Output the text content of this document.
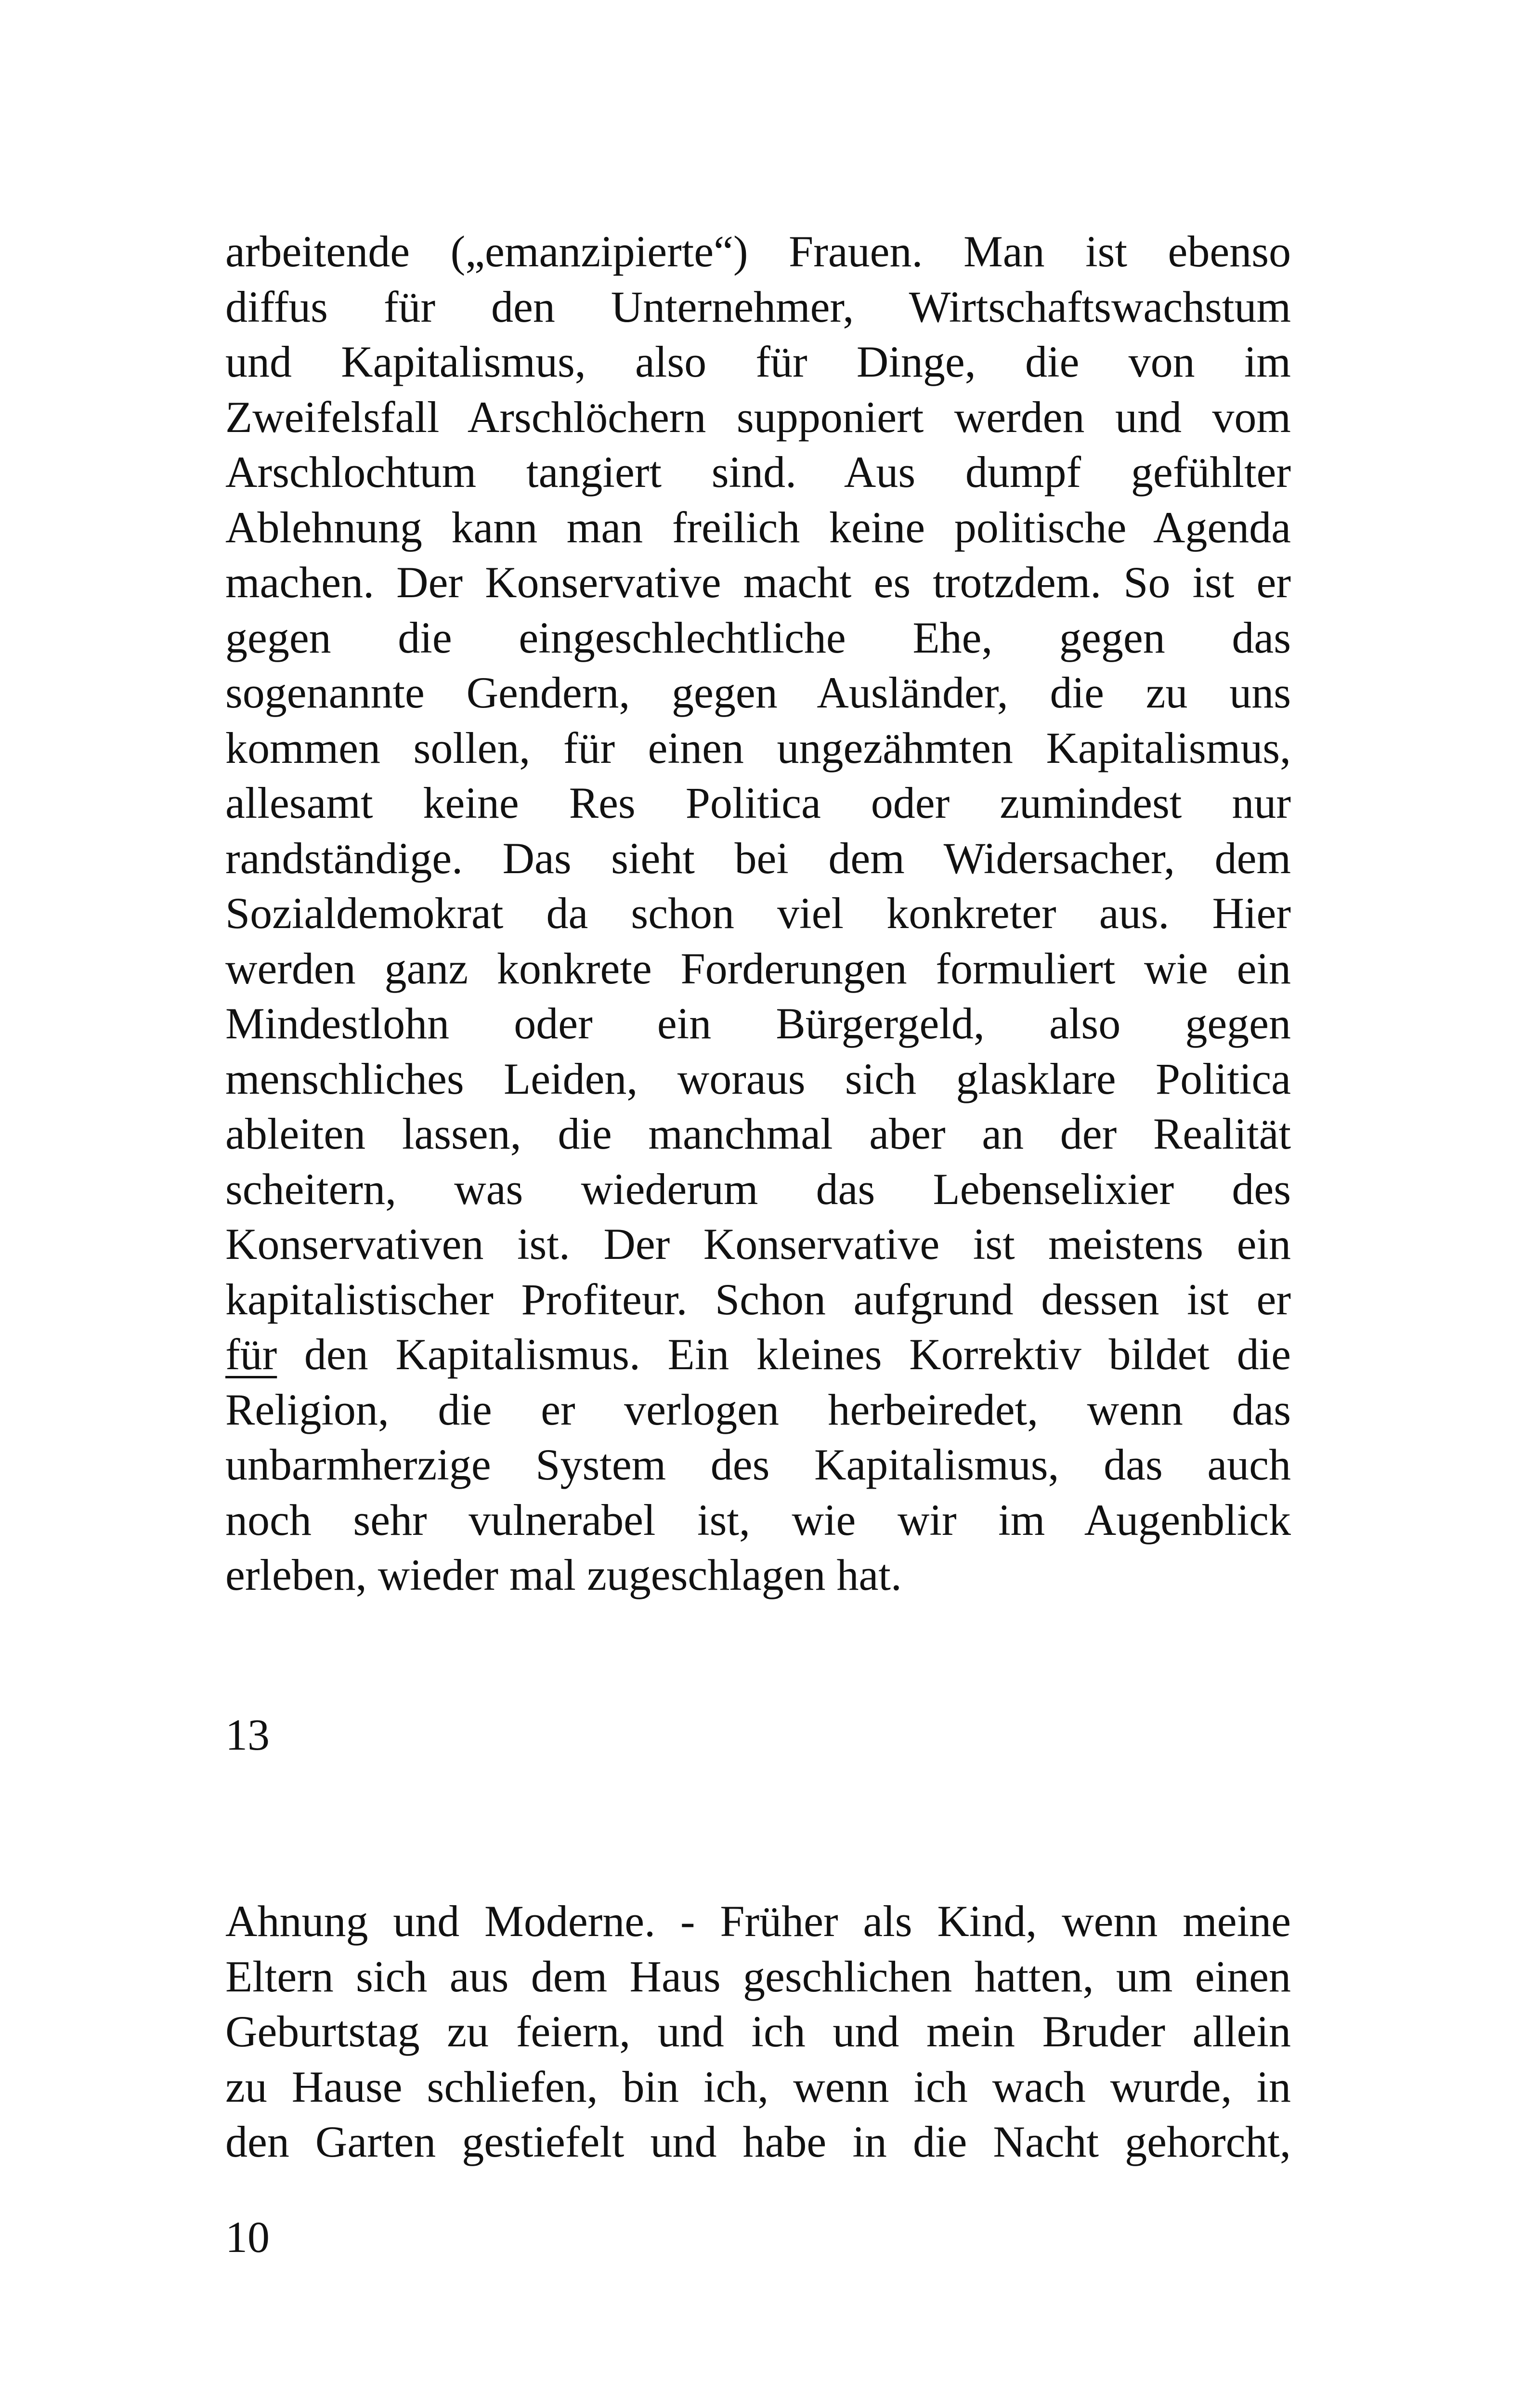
arbeitende („emanzipierte“) Frauen. Man ist ebenso
diffus für den Unternehmer, Wirtschaftswachstum
und Kapitalismus, also für Dinge, die von im
Zweifelsfall Arschlöchern supponiert werden und vom
Arschlochtum tangiert sind. Aus dumpf gefühlter
Ablehnung kann man freilich keine politische Agenda
machen. Der Konservative macht es trotzdem. So ist er
gegen die eingeschlechtliche Ehe, gegen das
sogenannte Gendern, gegen Ausländer, die zu uns
kommen sollen, für einen ungezähmten Kapitalismus,
allesamt keine Res Politica oder zumindest nur
randständige. Das sieht bei dem Widersacher, dem
Sozialdemokrat da schon viel konkreter aus. Hier
werden ganz konkrete Forderungen formuliert wie ein
Mindestlohn oder ein Bürgergeld, also gegen
menschliches Leiden, woraus sich glasklare Politica
ableiten lassen, die manchmal aber an der Realität
scheitern, was wiederum das Lebenselixier des
Konservativen ist. Der Konservative ist meistens ein
kapitalistischer Profiteur. Schon aufgrund dessen ist er
für den Kapitalismus. Ein kleines Korrektiv bildet die
Religion, die er verlogen herbeiredet, wenn das
unbarmherzige System des Kapitalismus, das auch
noch sehr vulnerabel ist, wie wir im Augenblick
erleben, wieder mal zugeschlagen hat.
13
Ahnung und Moderne. - Früher als Kind, wenn meine
Eltern sich aus dem Haus geschlichen hatten, um einen
Geburtstag zu feiern, und ich und mein Bruder allein
zu Hause schliefen, bin ich, wenn ich wach wurde, in
den Garten gestiefelt und habe in die Nacht gehorcht,
10
